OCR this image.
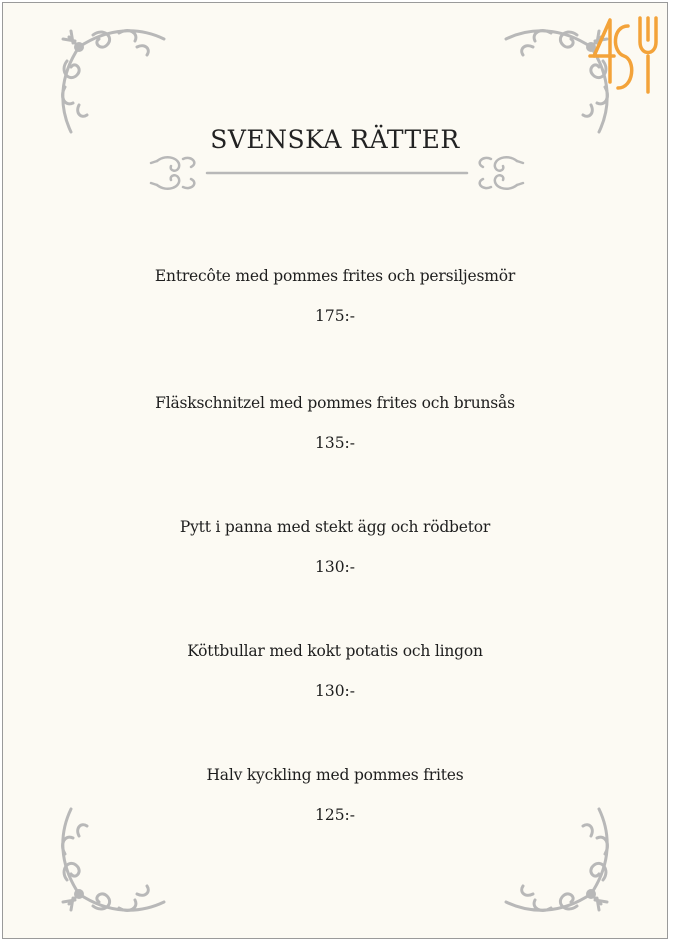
SVENSKA RÄTTER
Entrecôte med pommes frites och persiljesmör
175:-
Fläskschnitzel med pommes frites och brunsås
135:-
Pytt i panna med stekt ägg och rödbetor
130:-
Köttbullar med kokt potatis och lingon
130:-
Halv kyckling med pommes frites
125:-
